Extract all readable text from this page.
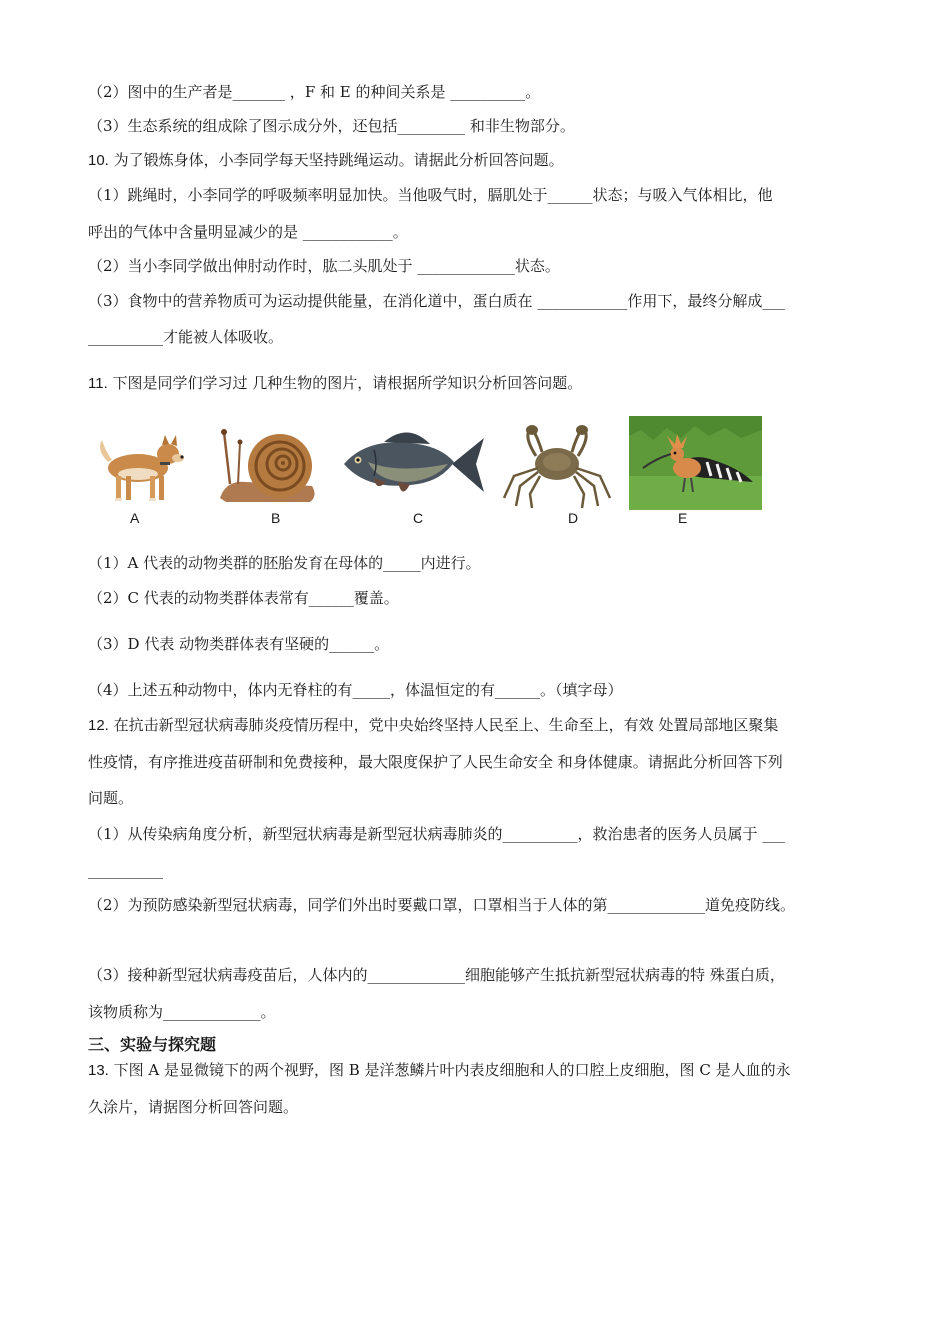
（2）图中的生产者是_______ ，F 和 E 的种间关系是 __________。
（3）生态系统的组成除了图示成分外，还包括_________ 和非生物部分。
10. 为了锻炼身体，小李同学每天坚持跳绳运动。请据此分析回答问题。
（1）跳绳时，小李同学的呼吸频率明显加快。当他吸气时，膈肌处于______状态；与吸入气体相比，他
呼出的气体中含量明显减少的是 ____________。
（2）当小李同学做出伸肘动作时，肱二头肌处于 _____________状态。
（3）食物中的营养物质可为运动提供能量，在消化道中，蛋白质在 ____________作用下，最终分解成___
__________才能被人体吸收。
11. 下图是同学们学习过 几种生物的图片，请根据所学知识分析回答问题。
A	B	C	D	E
（1）A 代表的动物类群的胚胎发育在母体的_____内进行。
（2）C 代表的动物类群体表常有______覆盖。
（3）D 代表 动物类群体表有坚硬的______。
（4）上述五种动物中，体内无脊柱的有_____，体温恒定的有______。（填字母）
12. 在抗击新型冠状病毒肺炎疫情历程中，党中央始终坚持人民至上、生命至上，有效 处置局部地区聚集
性疫情，有序推进疫苗研制和免费接种，最大限度保护了人民生命安全 和身体健康。请据此分析回答下列
问题。
（1）从传染病角度分析，新型冠状病毒是新型冠状病毒肺炎的__________，救治患者的医务人员属于 ___
__________
（2）为预防感染新型冠状病毒，同学们外出时要戴口罩，口罩相当于人体的第_____________道免疫防线。
（3）接种新型冠状病毒疫苗后，人体内的_____________细胞能够产生抵抗新型冠状病毒的特 殊蛋白质，
该物质称为_____________。
三、实验与探究题
13. 下图 A 是显微镜下的两个视野，图 B 是洋葱鳞片叶内表皮细胞和人的口腔上皮细胞，图 C 是人血的永
久涂片，请据图分析回答问题。
